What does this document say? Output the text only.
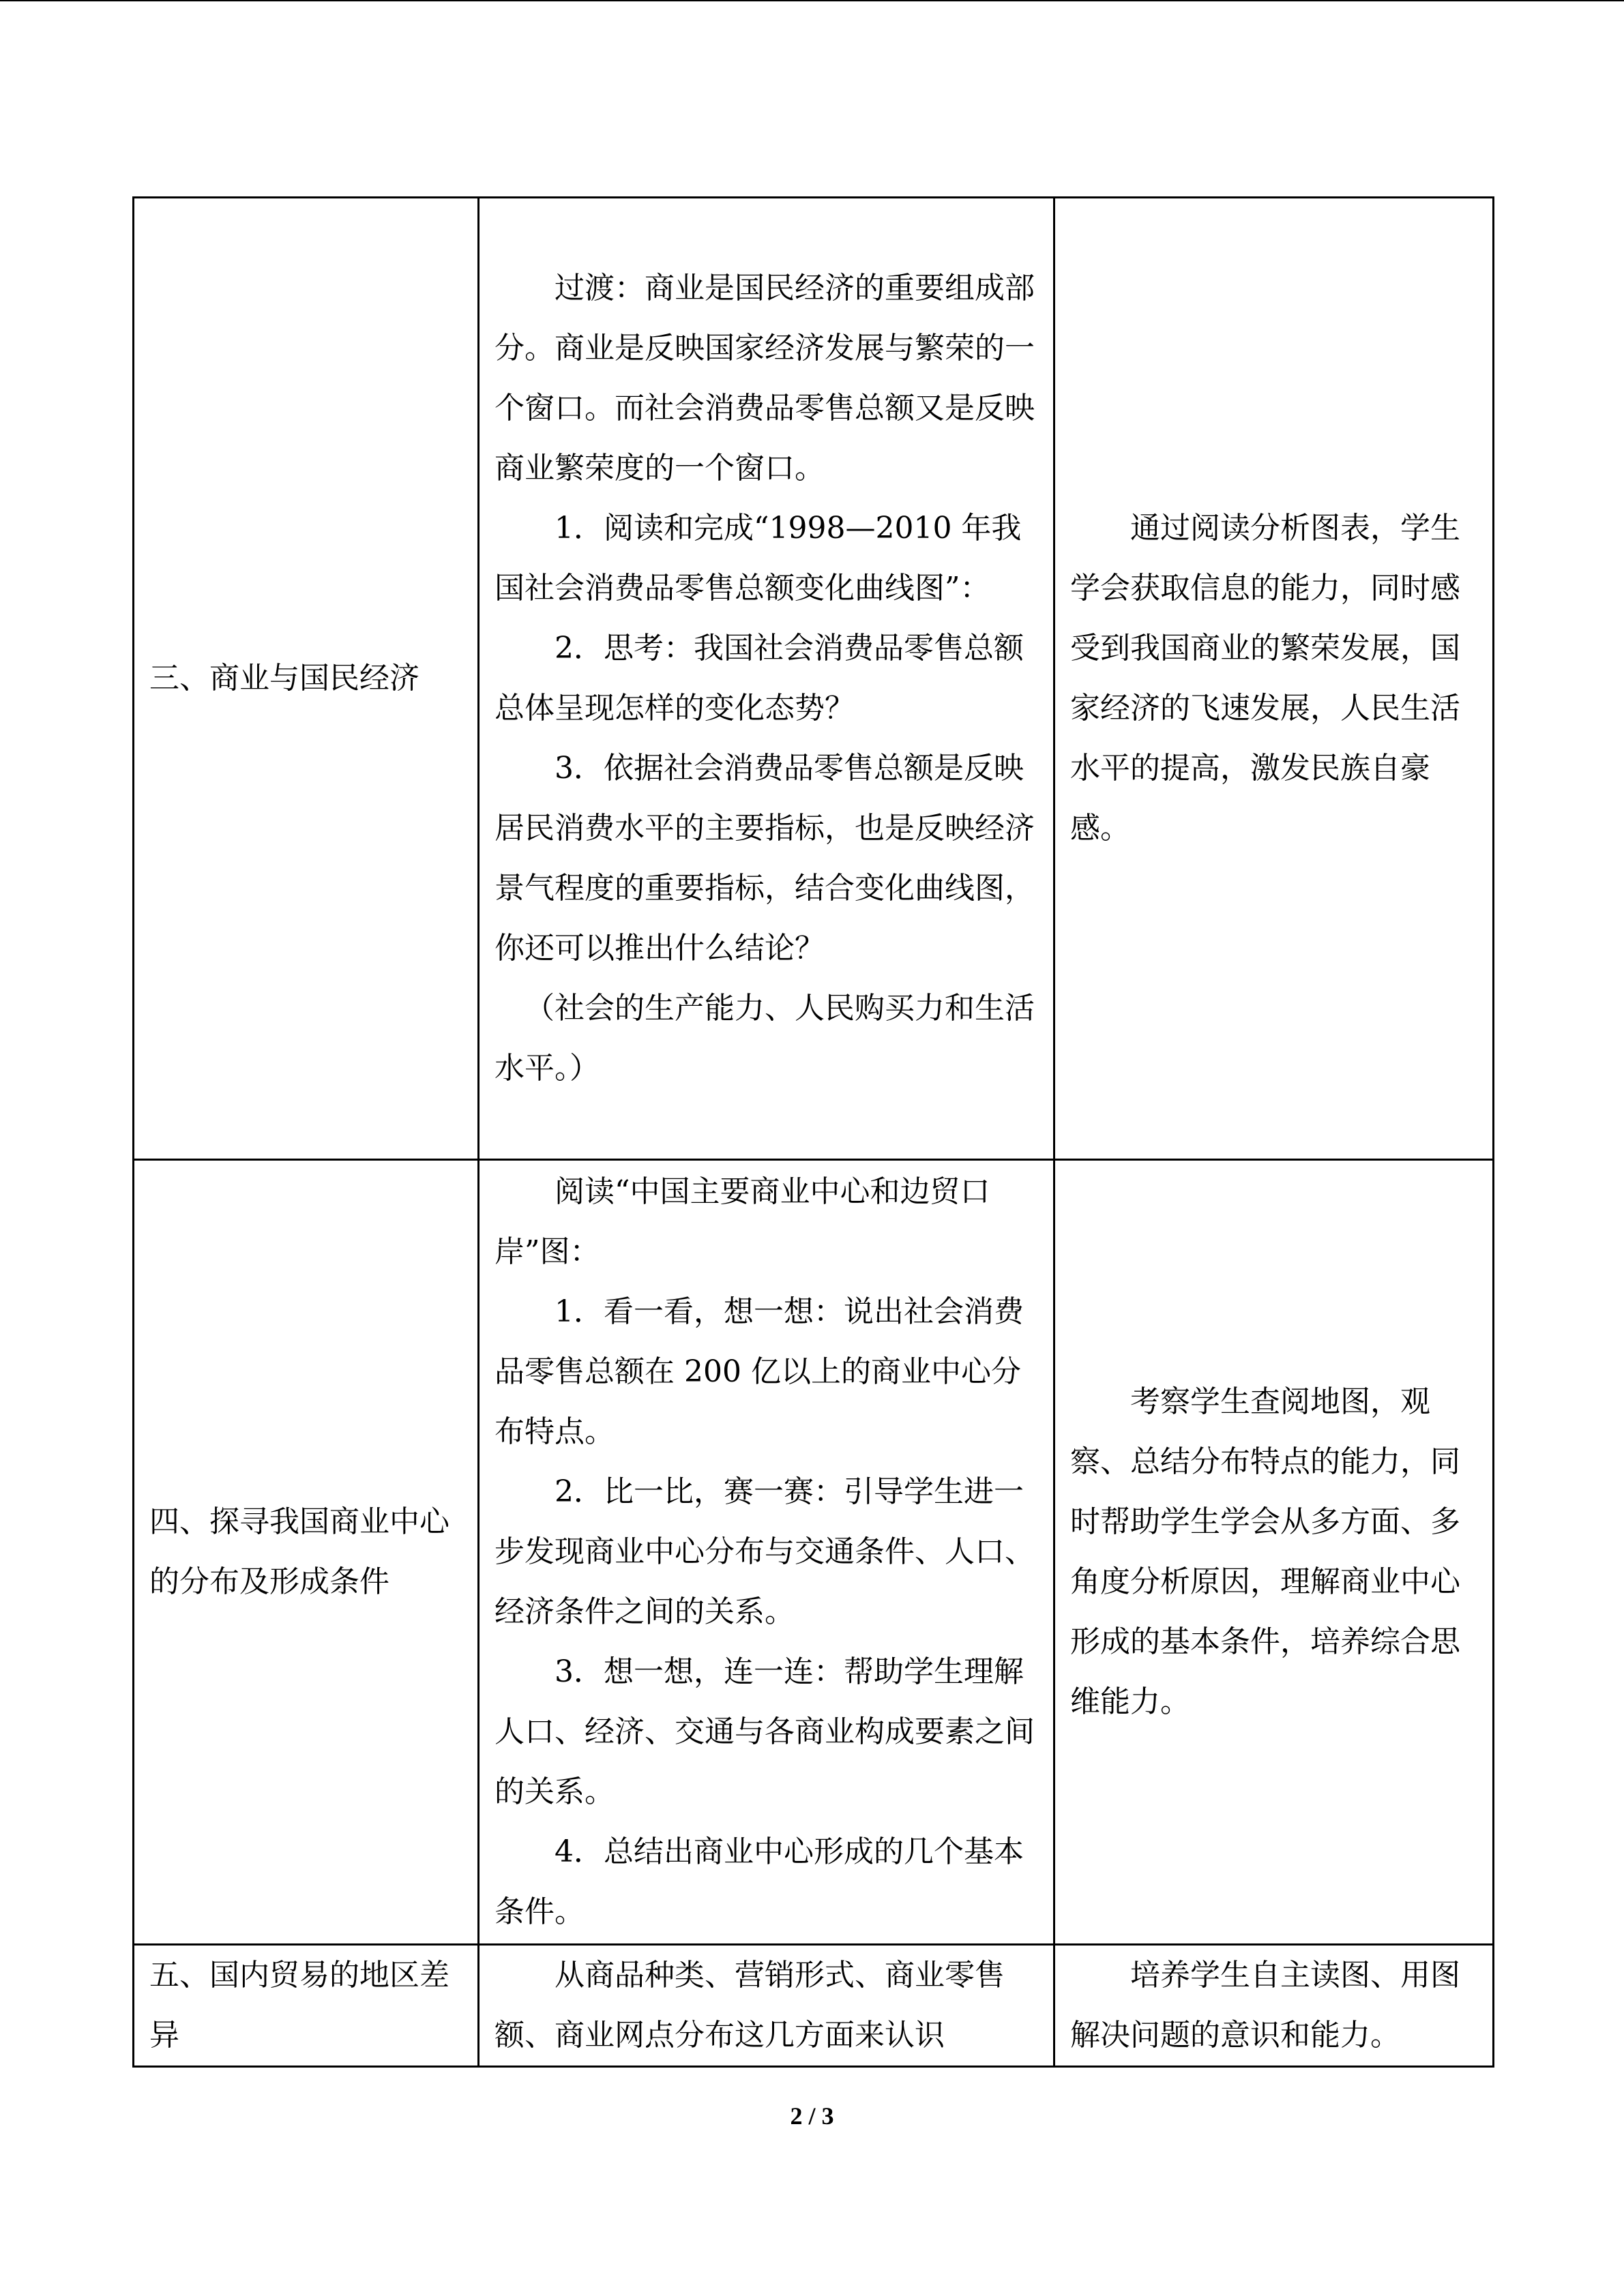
三、商业与国民经济	过渡：商业是国民经济的重要组成部分。商业是反映国家经济发展与繁荣的一个窗口。而社会消费品零售总额又是反映商业繁荣度的一个窗口。

1．阅读和完成“1998—2010 年我国社会消费品零售总额变化曲线图”：

2．思考：我国社会消费品零售总额总体呈现怎样的变化态势？

3．依据社会消费品零售总额是反映居民消费水平的主要指标，也是反映经济景气程度的重要指标，结合变化曲线图，你还可以推出什么结论？

（社会的生产能力、人民购买力和生活水平。）	通过阅读分析图表，学生学会获取信息的能力，同时感受到我国商业的繁荣发展，国家经济的飞速发展，人民生活水平的提高，激发民族自豪感。

四、探寻我国商业中心的分布及形成条件	阅读“中国主要商业中心和边贸口岸”图：

1．看一看，想一想：说出社会消费品零售总额在 200 亿以上的商业中心分布特点。

2．比一比，赛一赛：引导学生进一步发现商业中心分布与交通条件、人口、经济条件之间的关系。

3．想一想，连一连：帮助学生理解人口、经济、交通与各商业构成要素之间的关系。

4．总结出商业中心形成的几个基本条件。	考察学生查阅地图，观察、总结分布特点的能力，同时帮助学生学会从多方面、多角度分析原因，理解商业中心形成的基本条件，培养综合思维能力。

五、国内贸易的地区差异	从商品种类、营销形式、商业零售额、商业网点分布这几方面来认识	培养学生自主读图、用图解决问题的意识和能力。

2 / 3
